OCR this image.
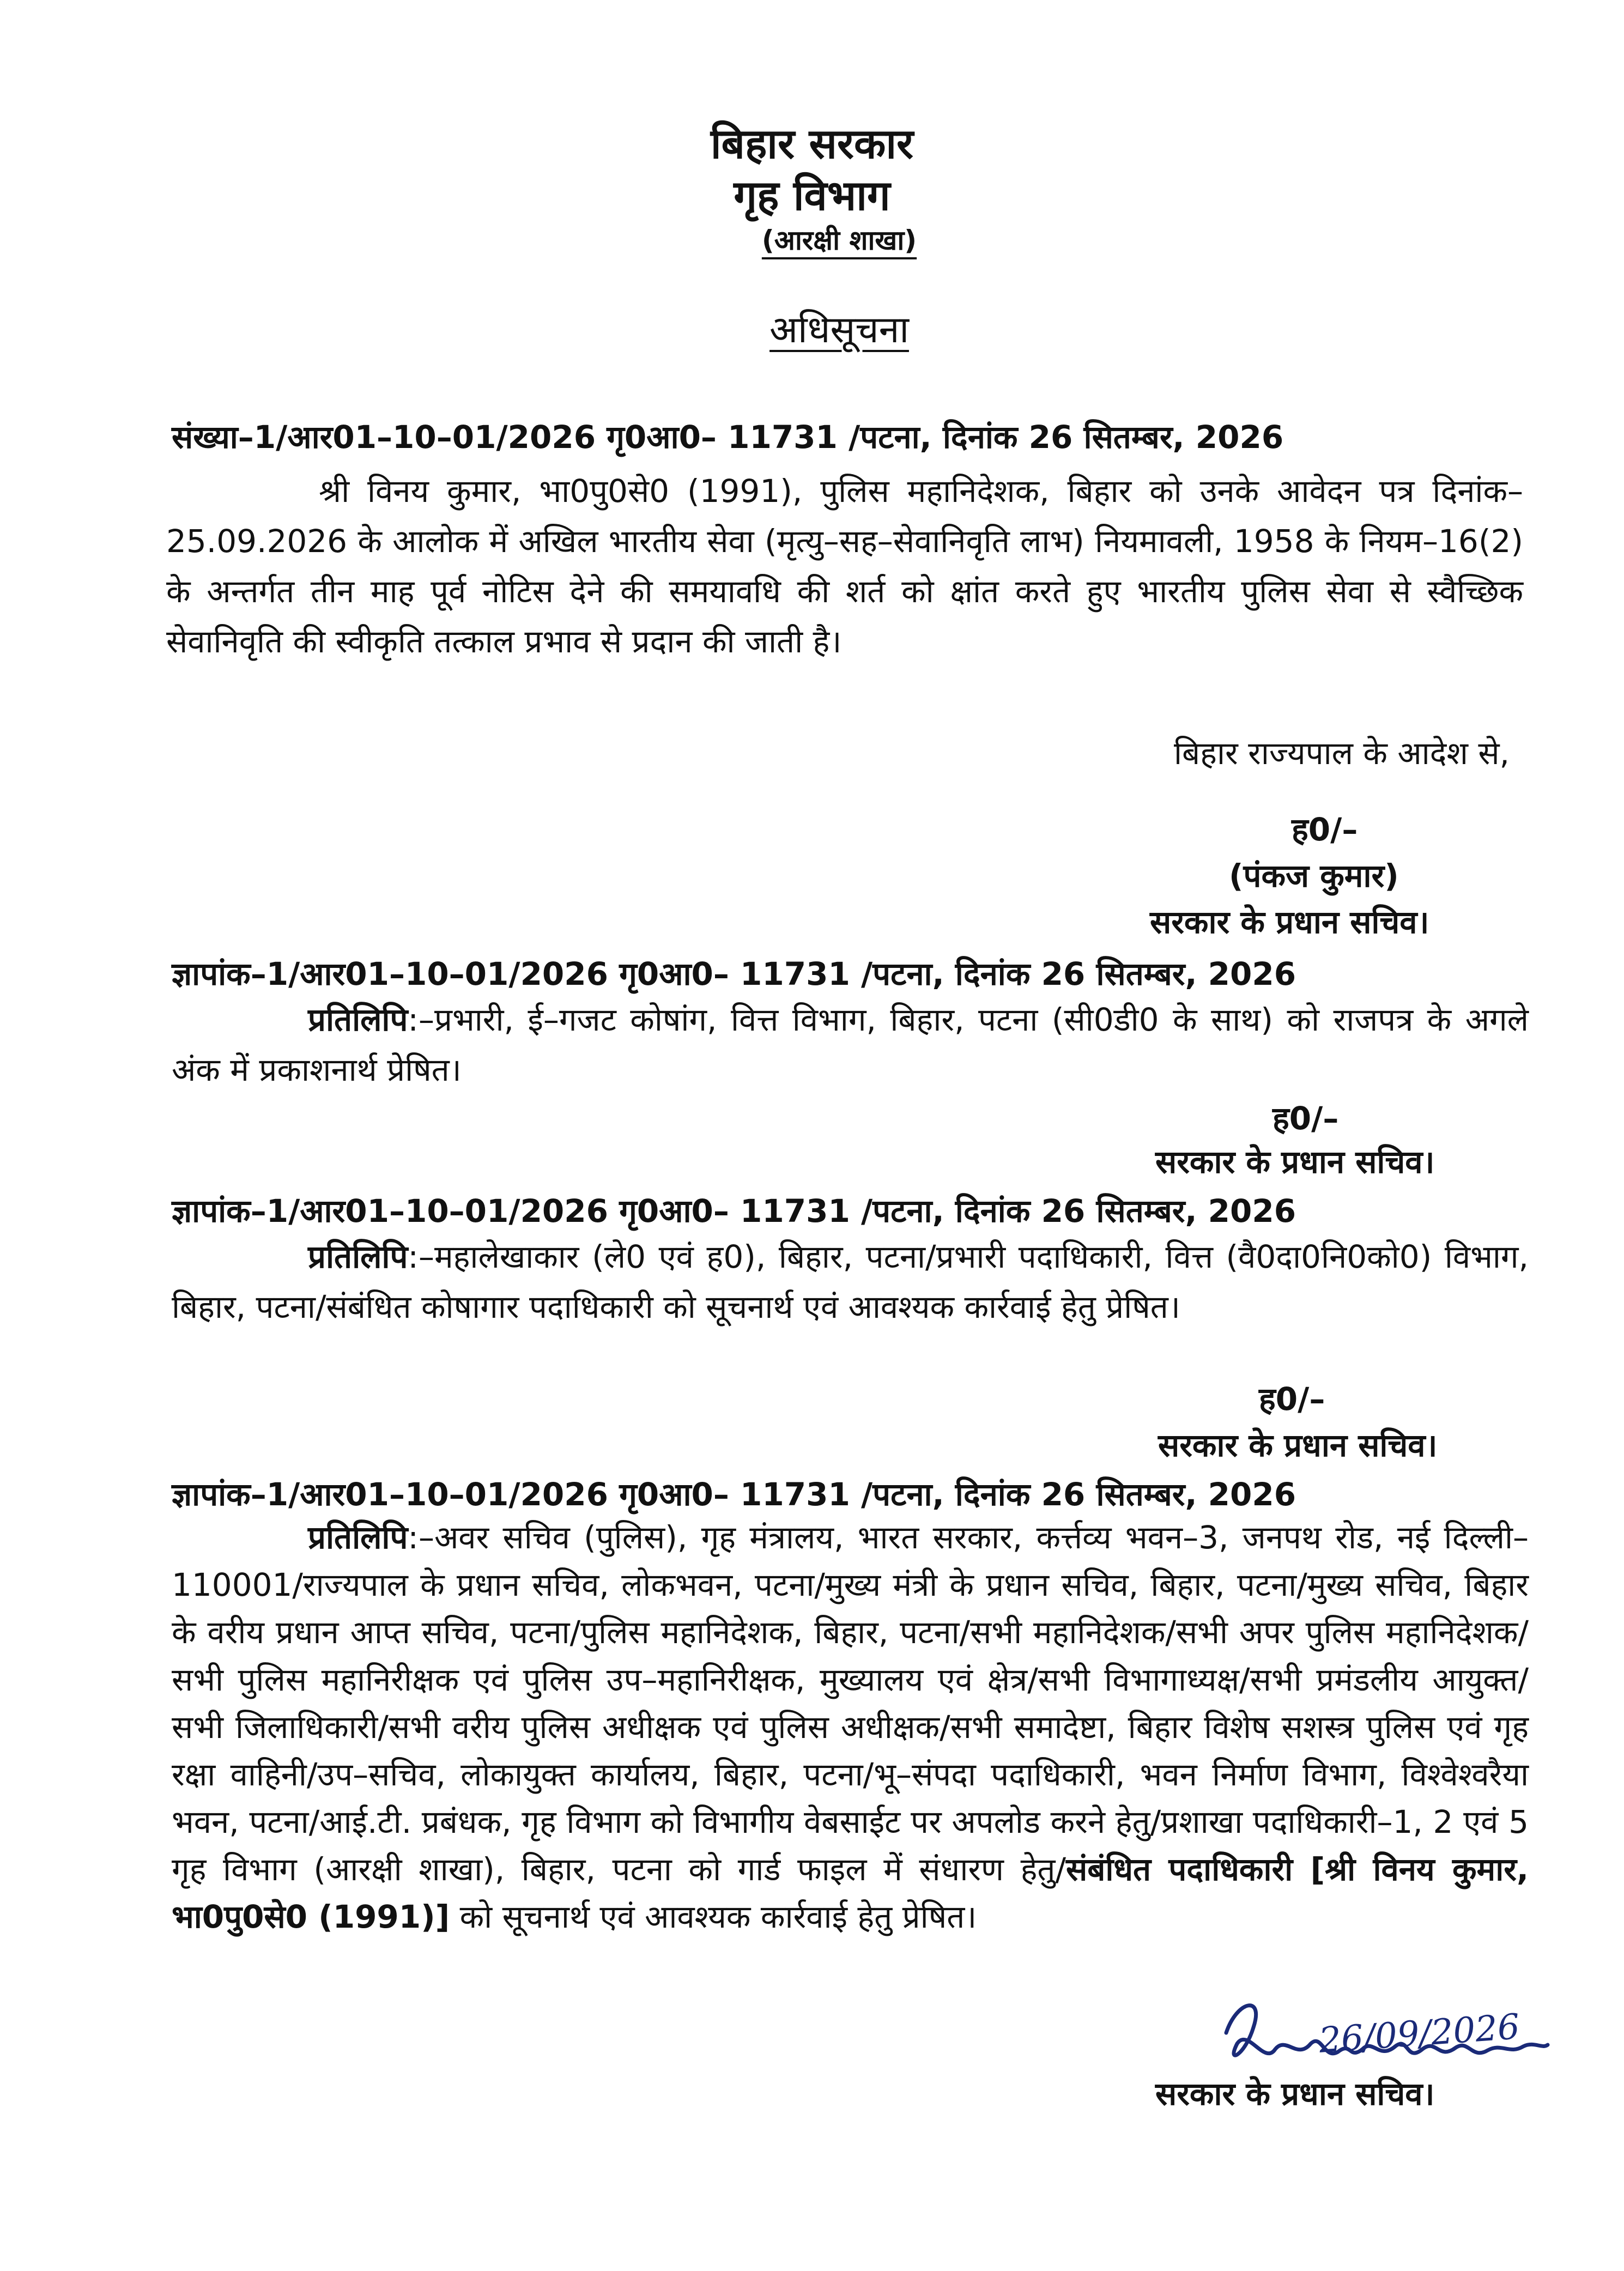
बिहार सरकार
गृह विभाग
(आरक्षी शाखा)
अधिसूचना
संख्या–1/आर01–10–01/2026 गृ0आ0– 11731 /पटना, दिनांक 26 सितम्बर, 2026
श्री विनय कुमार, भा0पु0से0 (1991), पुलिस महानिदेशक, बिहार को उनके आवेदन पत्र दिनांक–25.09.2026 के आलोक में अखिल भारतीय सेवा (मृत्यु–सह–सेवानिवृति लाभ) नियमावली, 1958 के नियम–16(2) के अन्तर्गत तीन माह पूर्व नोटिस देने की समयावधि की शर्त को क्षांत करते हुए भारतीय पुलिस सेवा से स्वैच्छिक सेवानिवृति की स्वीकृति तत्काल प्रभाव से प्रदान की जाती है।
बिहार राज्यपाल के आदेश से,
ह0/–
(पंकज कुमार)
सरकार के प्रधान सचिव।
ज्ञापांक–1/आर01–10–01/2026 गृ0आ0– 11731 /पटना, दिनांक 26 सितम्बर, 2026
प्रतिलिपि:–प्रभारी, ई–गजट कोषांग, वित्त विभाग, बिहार, पटना (सी0डी0 के साथ) को राजपत्र के अगले अंक में प्रकाशनार्थ प्रेषित।
ह0/–
सरकार के प्रधान सचिव।
ज्ञापांक–1/आर01–10–01/2026 गृ0आ0– 11731 /पटना, दिनांक 26 सितम्बर, 2026
प्रतिलिपि:–महालेखाकार (ले0 एवं ह0), बिहार, पटना/प्रभारी पदाधिकारी, वित्त (वै0दा0नि0को0) विभाग, बिहार, पटना/संबंधित कोषागार पदाधिकारी को सूचनार्थ एवं आवश्यक कार्रवाई हेतु प्रेषित।
ह0/–
सरकार के प्रधान सचिव।
ज्ञापांक–1/आर01–10–01/2026 गृ0आ0– 11731 /पटना, दिनांक 26 सितम्बर, 2026
प्रतिलिपि:–अवर सचिव (पुलिस), गृह मंत्रालय, भारत सरकार, कर्त्तव्य भवन–3, जनपथ रोड, नई दिल्ली–110001/राज्यपाल के प्रधान सचिव, लोकभवन, पटना/मुख्य मंत्री के प्रधान सचिव, बिहार, पटना/मुख्य सचिव, बिहार के वरीय प्रधान आप्त सचिव, पटना/पुलिस महानिदेशक, बिहार, पटना/सभी महानिदेशक/सभी अपर पुलिस महानिदेशक/सभी पुलिस महानिरीक्षक एवं पुलिस उप–महानिरीक्षक, मुख्यालय एवं क्षेत्र/सभी विभागाध्यक्ष/सभी प्रमंडलीय आयुक्त/सभी जिलाधिकारी/सभी वरीय पुलिस अधीक्षक एवं पुलिस अधीक्षक/सभी समादेष्टा, बिहार विशेष सशस्त्र पुलिस एवं गृह रक्षा वाहिनी/उप–सचिव, लोकायुक्त कार्यालय, बिहार, पटना/भू–संपदा पदाधिकारी, भवन निर्माण विभाग, विश्वेश्वरैया भवन, पटना/आई.टी. प्रबंधक, गृह विभाग को विभागीय वेबसाईट पर अपलोड करने हेतु/प्रशाखा पदाधिकारी–1, 2 एवं 5 गृह विभाग (आरक्षी शाखा), बिहार, पटना को गार्ड फाइल में संधारण हेतु/संबंधित पदाधिकारी [श्री विनय कुमार, भा0पु0से0 (1991)] को सूचनार्थ एवं आवश्यक कार्रवाई हेतु प्रेषित।
26/09/2026
सरकार के प्रधान सचिव।
